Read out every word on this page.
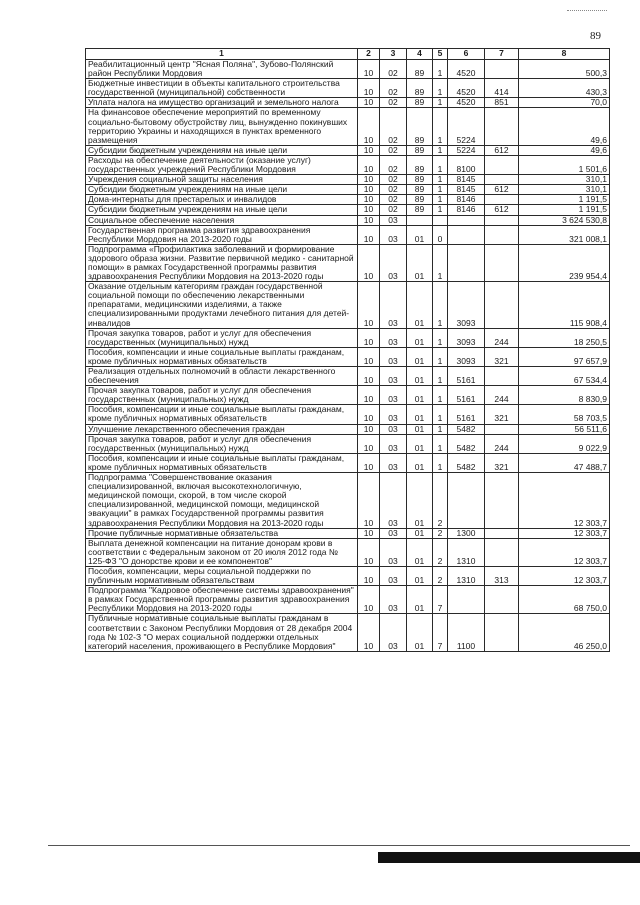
89
1	2	3	4	5	6	7	8
Реабилитационный центр "Ясная Поляна", Зубово-Полянский район Республики Мордовия	10	02	89	1	4520		500,3
Бюджетные инвестиции в объекты капитального строительства государственной (муниципальной) собственности	10	02	89	1	4520	414	430,3
Уплата налога на имущество организаций и земельного налога	10	02	89	1	4520	851	70,0
На финансовое обеспечение мероприятий по временному социально-бытовому обустройству лиц, вынужденно покинувших территорию Украины и находящихся в пунктах временного размещения	10	02	89	1	5224		49,6
Субсидии бюджетным учреждениям на иные цели	10	02	89	1	5224	612	49,6
Расходы на обеспечение деятельности (оказание услуг) государственных учреждений Республики Мордовия	10	02	89	1	8100		1 501,6
Учреждения социальной защиты населения	10	02	89	1	8145		310,1
Субсидии бюджетным учреждениям на иные цели	10	02	89	1	8145	612	310,1
Дома-интернаты для престарелых и инвалидов	10	02	89	1	8146		1 191,5
Субсидии бюджетным учреждениям на иные цели	10	02	89	1	8146	612	1 191,5
Социальное обеспечение населения	10	03					3 624 530,8
Государственная программа развития здравоохранения Республики Мордовия на 2013-2020 годы	10	03	01	0			321 008,1
Подпрограмма «Профилактика заболеваний и формирование здорового образа жизни. Развитие первичной медико - санитарной помощи» в рамках Государственной программы развития здравоохранения Республики Мордовия на 2013-2020 годы	10	03	01	1			239 954,4
Оказание отдельным категориям граждан государственной социальной помощи по обеспечению лекарственными препаратами, медицинскими изделиями, а также специализированными продуктами лечебного питания для детей-инвалидов	10	03	01	1	3093		115 908,4
Прочая закупка товаров, работ и услуг для обеспечения государственных (муниципальных) нужд	10	03	01	1	3093	244	18 250,5
Пособия, компенсации и иные социальные выплаты гражданам, кроме публичных нормативных обязательств	10	03	01	1	3093	321	97 657,9
Реализация отдельных полномочий в области лекарственного обеспечения	10	03	01	1	5161		67 534,4
Прочая закупка товаров, работ и услуг для обеспечения государственных (муниципальных) нужд	10	03	01	1	5161	244	8 830,9
Пособия, компенсации и иные социальные выплаты гражданам, кроме публичных нормативных обязательств	10	03	01	1	5161	321	58 703,5
Улучшение лекарственного обеспечения граждан	10	03	01	1	5482		56 511,6
Прочая закупка товаров, работ и услуг для обеспечения государственных (муниципальных) нужд	10	03	01	1	5482	244	9 022,9
Пособия, компенсации и иные социальные выплаты гражданам, кроме публичных нормативных обязательств	10	03	01	1	5482	321	47 488,7
Подпрограмма "Совершенствование оказания специализированной, включая высокотехнологичную, медицинской помощи, скорой, в том числе скорой специализированной, медицинской помощи, медицинской эвакуации" в рамках Государственной программы развития здравоохранения Республики Мордовия на 2013-2020 годы	10	03	01	2			12 303,7
Прочие публичные нормативные обязательства	10	03	01	2	1300		12 303,7
Выплата денежной компенсации на питание донорам крови в соответствии с Федеральным законом от 20 июля 2012 года № 125-ФЗ "О донорстве крови и ее компонентов"	10	03	01	2	1310		12 303,7
Пособия, компенсации, меры социальной поддержки по публичным нормативным обязательствам	10	03	01	2	1310	313	12 303,7
Подпрограмма "Кадровое обеспечение системы здравоохранения" в рамках Государственной программы развития здравоохранения Республики Мордовия на 2013-2020 годы	10	03	01	7			68 750,0
Публичные нормативные социальные выплаты гражданам в соответствии с Законом Республики Мордовия от 28 декабря 2004 года № 102-З "О мерах социальной поддержки отдельных категорий населения, проживающего в Республике Мордовия"	10	03	01	7	1100		46 250,0
